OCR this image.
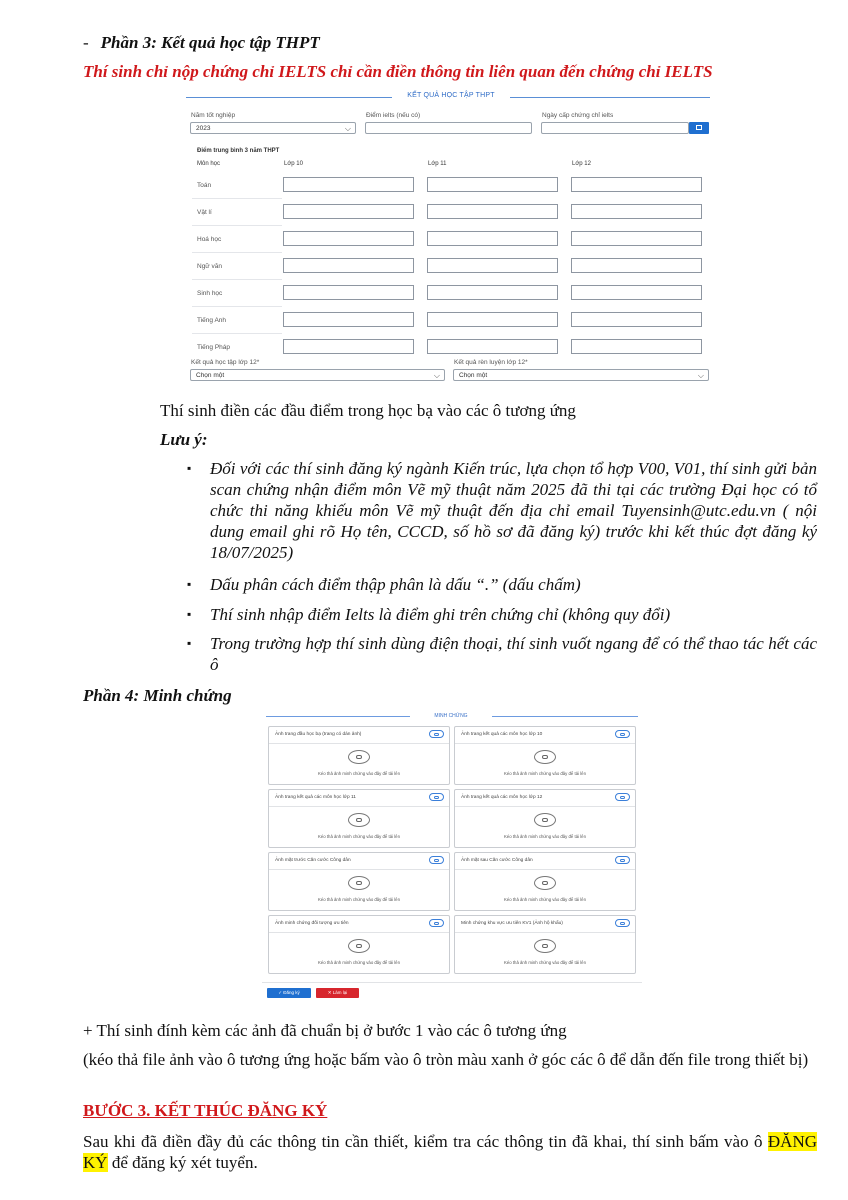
- Phần 3: Kết quả học tập THPT
Thí sinh chỉ nộp chứng chỉ IELTS chỉ cần điền thông tin liên quan đến chứng chỉ IELTS
KẾT QUẢ HỌC TẬP THPT
Năm tốt nghiệp
2023	⌵
Điểm ielts (nếu có)	Ngày cấp chứng chỉ ielts
Điểm trung bình 3 năm THPT
Môn học	Lớp 10	Lớp 11	Lớp 12
Toán
Vật lí
Hoá học
Ngữ văn
Sinh học
Tiếng Anh
Tiếng Pháp
Kết quả học tập lớp 12*
Chọn một	⌵
Kết quả rèn luyện lớp 12*
Chọn một	⌵
Thí sinh điền các đầu điểm trong học bạ vào các ô tương ứng
Lưu ý:
▪ Đối với các thí sinh đăng ký ngành Kiến trúc, lựa chọn tổ hợp V00, V01, thí sinh gửi bản scan chứng nhận điểm môn Vẽ mỹ thuật năm 2025 đã thi tại các trường Đại học có tổ chức thi năng khiếu môn Vẽ mỹ thuật đến địa chỉ email Tuyensinh@utc.edu.vn ( nội dung email ghi rõ Họ tên, CCCD, số hồ sơ đã đăng ký) trước khi kết thúc đợt đăng ký 18/07/2025)
▪ Dấu phân cách điểm thập phân là dấu “.” (dấu chấm)
▪ Thí sinh nhập điểm Ielts là điểm ghi trên chứng chỉ (không quy đổi)
▪ Trong trường hợp thí sinh dùng điện thoại, thí sinh vuốt ngang để có thể thao tác hết các ô
Phần 4: Minh chứng
MINH CHỨNG
Ảnh trang đầu học bạ (trang có dán ảnh)
Kéo thả ảnh minh chứng vào đây để tải lên
Ảnh trang kết quả các môn học lớp 10
Kéo thả ảnh minh chứng vào đây để tải lên
Ảnh trang kết quả các môn học lớp 11
Kéo thả ảnh minh chứng vào đây để tải lên
Ảnh trang kết quả các môn học lớp 12
Kéo thả ảnh minh chứng vào đây để tải lên
Ảnh mặt trước Căn cước Công dân
Kéo thả ảnh minh chứng vào đây để tải lên
Ảnh mặt sau Căn cước Công dân
Kéo thả ảnh minh chứng vào đây để tải lên
Ảnh minh chứng đối tượng ưu tiên
Kéo thả ảnh minh chứng vào đây để tải lên
Minh chứng khu vực ưu tiên KV1 (Ảnh hộ khẩu)
Kéo thả ảnh minh chứng vào đây để tải lên
✓ Đăng ký	✕ Làm lại
+ Thí sinh đính kèm các ảnh đã chuẩn bị ở bước 1 vào các ô tương ứng
(kéo thả file ảnh vào ô tương ứng hoặc bấm vào ô tròn màu xanh ở góc các ô để dẫn đến file trong thiết bị)
BƯỚC 3. KẾT THÚC ĐĂNG KÝ
Sau khi đã điền đầy đủ các thông tin cần thiết, kiểm tra các thông tin đã khai, thí sinh bấm vào ô ĐĂNG KÝ để đăng ký xét tuyển.
